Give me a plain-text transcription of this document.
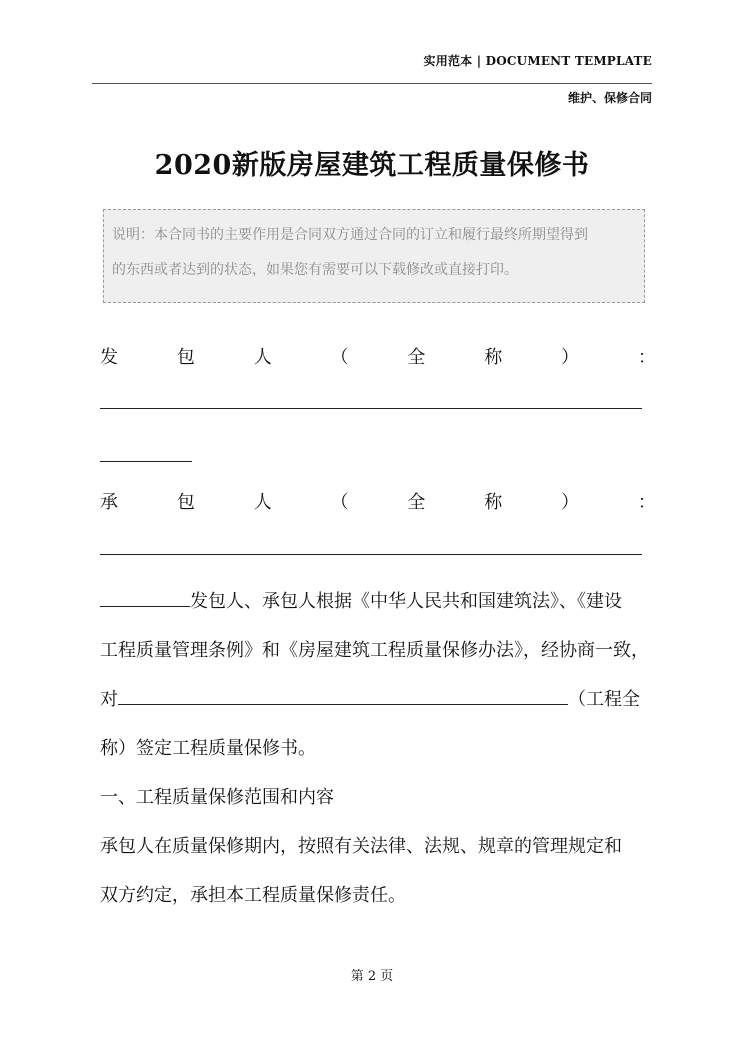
实用范本 | DOCUMENT TEMPLATE
维护、保修合同
2020新版房屋建筑工程质量保修书
说明：本合同书的主要作用是合同双方通过合同的订立和履行最终所期望得到
的东西或者达到的状态，如果您有需要可以下载修改或直接打印。
发	包	人	（	全	称	）	：
承	包	人	（	全	称	）	：
发包人、承包人根据《中华人民共和国建筑法》、《建设
工程质量管理条例》和《房屋建筑工程质量保修办法》，经协商一致，
对	（工程全
称）签定工程质量保修书。
一、工程质量保修范围和内容
承包人在质量保修期内，按照有关法律、法规、规章的管理规定和
双方约定，承担本工程质量保修责任。
第 2 页
